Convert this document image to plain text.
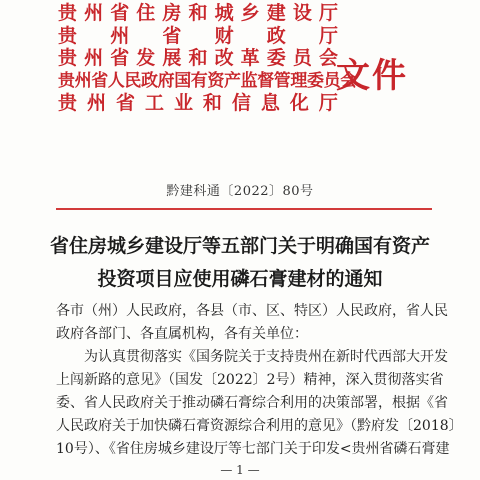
贵 州 省 住 房 和 城 乡 建 设 厅
贵 州 省 财 政 厅
贵 州 省 发 展 和 改 革 委 员 会
贵州省人民政府国有资产监督管理委员会
贵 州 省 工 业 和 信 息 化 厅
文件
黔建科通〔2022〕80号
省住房城乡建设厅等五部门关于明确国有资产
投资项目应使用磷石膏建材的通知

各市（州）人民政府，各县（市、区、特区）人民政府，省人民

政府各部门、各直属机构，各有关单位：

为认真贯彻落实《国务院关于支持贵州在新时代西部大开发

上闯新路的意见》（国发〔2022〕2号）精神，深入贯彻落实省

委、省人民政府关于推动磷石膏综合利用的决策部署，根据《省

人民政府关于加快磷石膏资源综合利用的意见》（黔府发〔2018〕

10号）、《省住房城乡建设厅等七部门关于印发<贵州省磷石膏建

— 1 —
